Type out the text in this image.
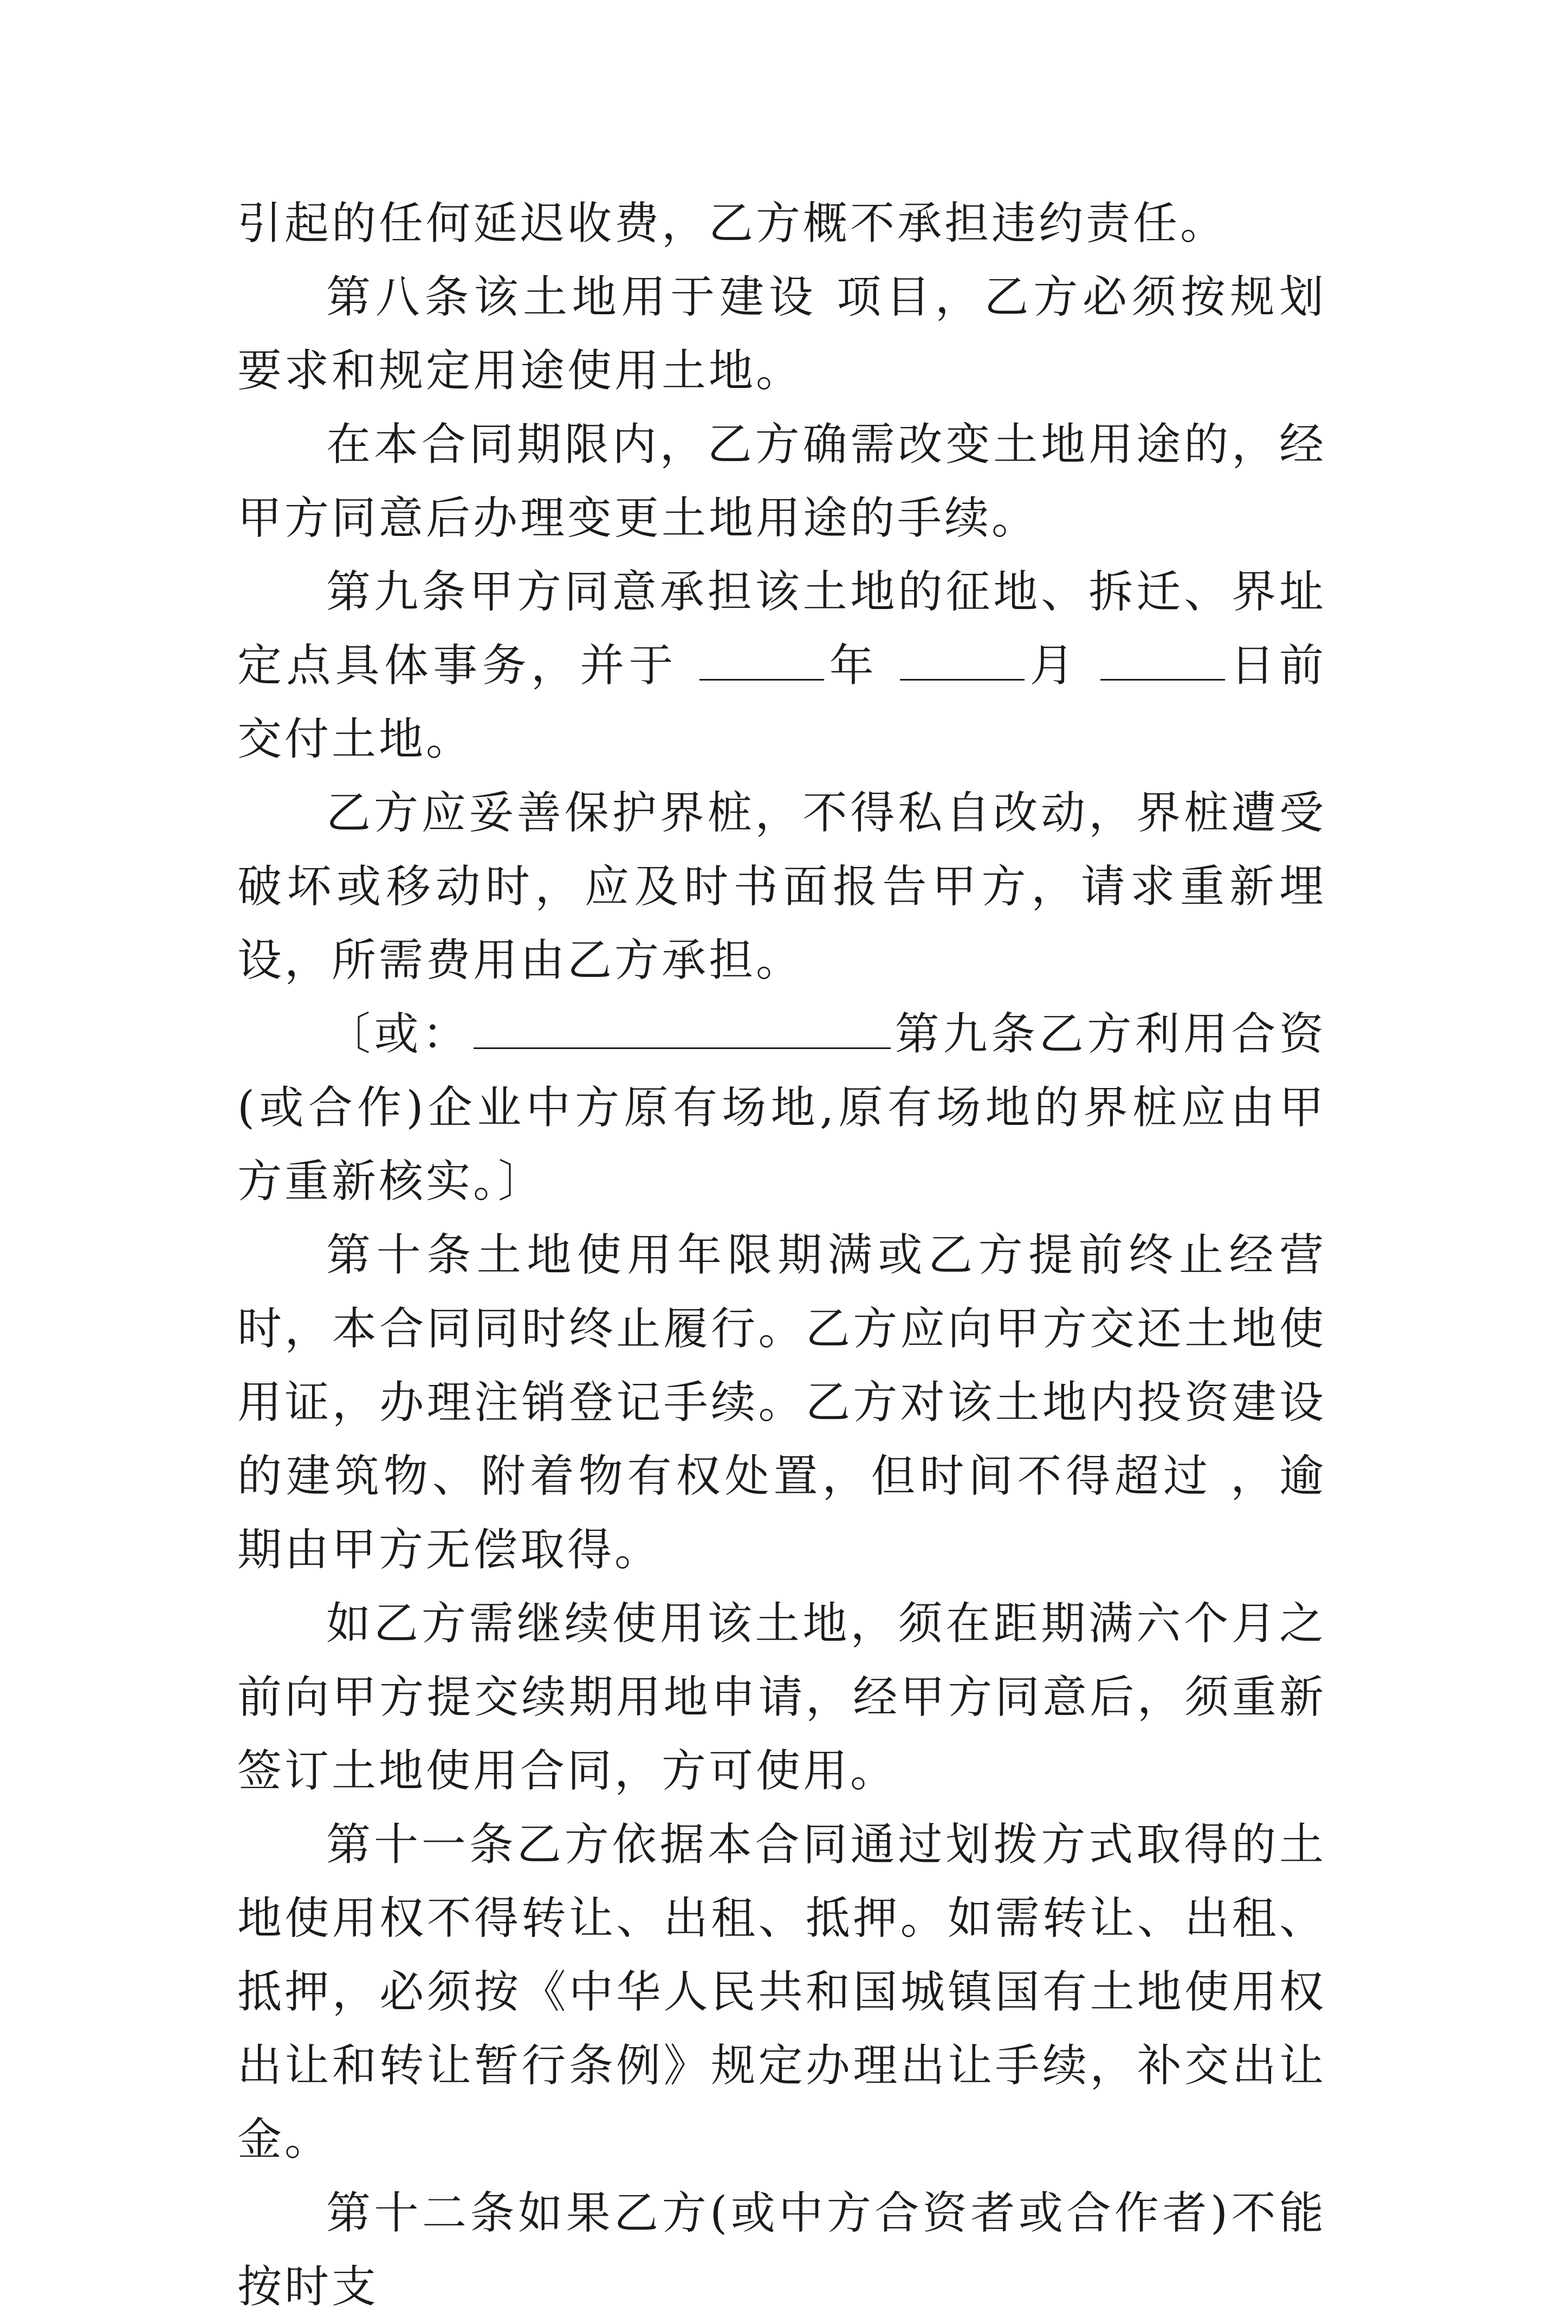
引起的任何延迟收费，乙方概不承担违约责任。

第八条该土地用于建设 项目，乙方必须按规划要求和规定用途使用土地。

在本合同期限内，乙方确需改变土地用途的，经甲方同意后办理变更土地用途的手续。

第九条甲方同意承担该土地的征地、拆迁、界址定点具体事务，并于	年	月	日前交付土地。

乙方应妥善保护界桩，不得私自改动，界桩遭受破坏或移动时，应及时书面报告甲方，请求重新埋设，所需费用由乙方承担。

〔或：	第九条乙方利用合资(或合作)企业中方原有场地,原有场地的界桩应由甲方重新核实。〕

第十条土地使用年限期满或乙方提前终止经营时，本合同同时终止履行。乙方应向甲方交还土地使用证，办理注销登记手续。乙方对该土地内投资建设的建筑物、附着物有权处置，但时间不得超过 ，逾期由甲方无偿取得。

如乙方需继续使用该土地，须在距期满六个月之前向甲方提交续期用地申请，经甲方同意后，须重新签订土地使用合同，方可使用。

第十一条乙方依据本合同通过划拨方式取得的土地使用权不得转让、出租、抵押。如需转让、出租、抵押，必须按《中华人民共和国城镇国有土地使用权出让和转让暂行条例》规定办理出让手续，补交出让金。

第十二条如果乙方(或中方合资者或合作者)不能按时支
